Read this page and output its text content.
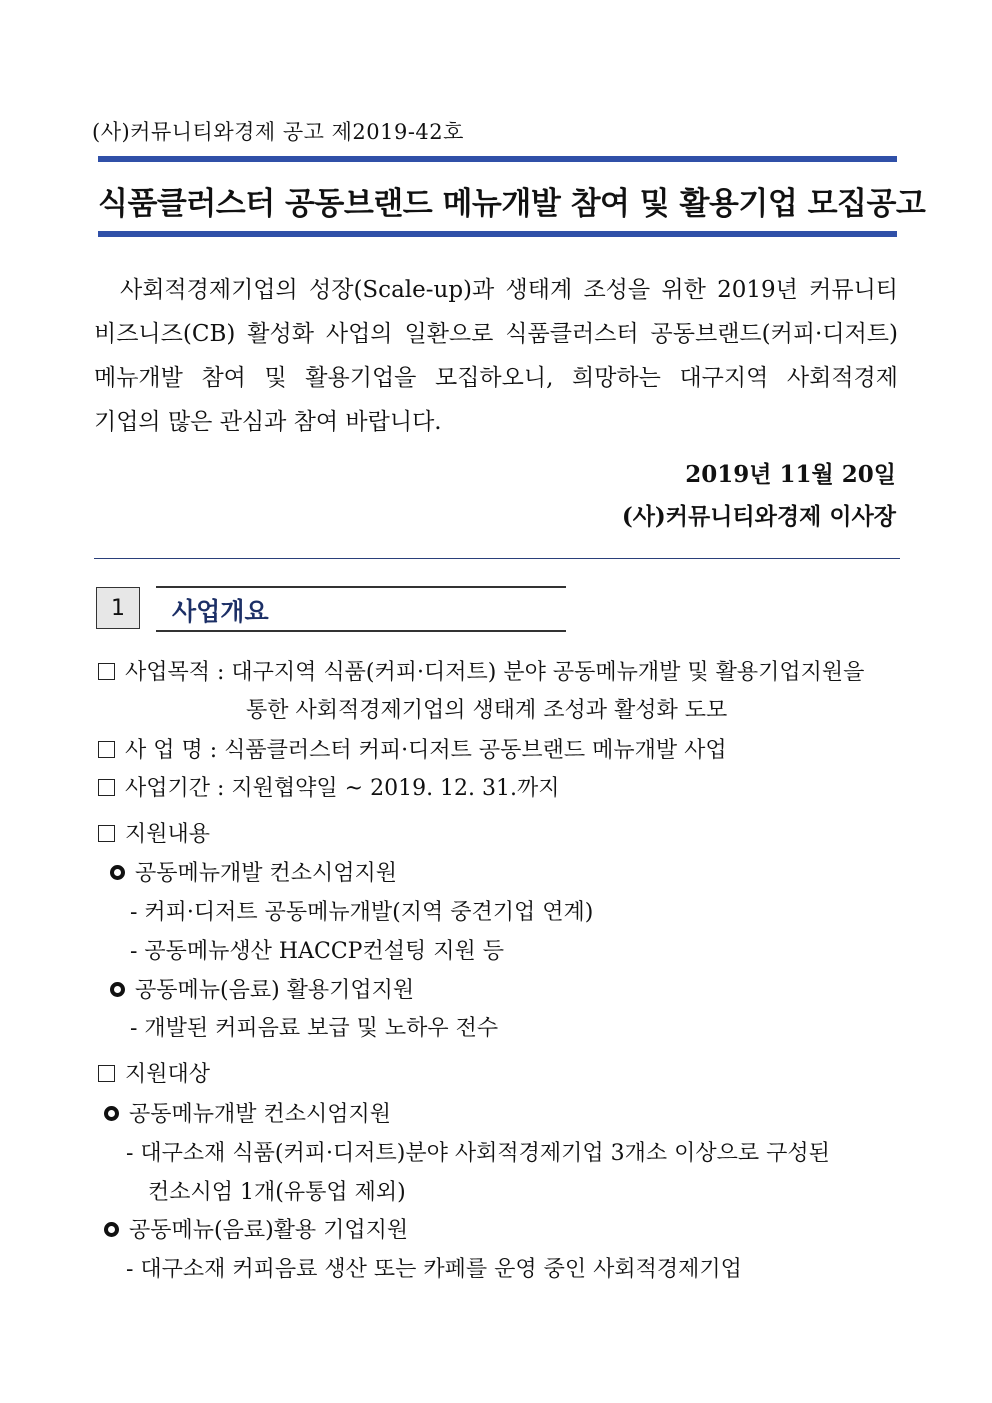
(사)커뮤니티와경제 공고 제2019-42호
식품클러스터 공동브랜드 메뉴개발 참여 및 활용기업 모집공고
사회적경제기업의 성장(Scale-up)과 생태계 조성을 위한 2019년 커뮤니티
비즈니즈(CB) 활성화 사업의 일환으로 식품클러스터 공동브랜드(커피·디저트)
메뉴개발 참여 및 활용기업을 모집하오니, 희망하는 대구지역 사회적경제
기업의 많은 관심과 참여 바랍니다.
2019년 11월 20일
(사)커뮤니티와경제 이사장
1 사업개요
사업목적 : 대구지역 식품(커피·디저트) 분야 공동메뉴개발 및 활용기업지원을
통한 사회적경제기업의 생태계 조성과 활성화 도모
사 업 명 : 식품클러스터 커피·디저트 공동브랜드 메뉴개발 사업
사업기간 : 지원협약일 ~ 2019. 12. 31.까지
지원내용
공동메뉴개발 컨소시엄지원
- 커피·디저트 공동메뉴개발(지역 중견기업 연계)
- 공동메뉴생산 HACCP컨설팅 지원 등
공동메뉴(음료) 활용기업지원
- 개발된 커피음료 보급 및 노하우 전수
지원대상
공동메뉴개발 컨소시엄지원
- 대구소재 식품(커피·디저트)분야 사회적경제기업 3개소 이상으로 구성된
컨소시엄 1개(유통업 제외)
공동메뉴(음료)활용 기업지원
- 대구소재 커피음료 생산 또는 카페를 운영 중인 사회적경제기업
